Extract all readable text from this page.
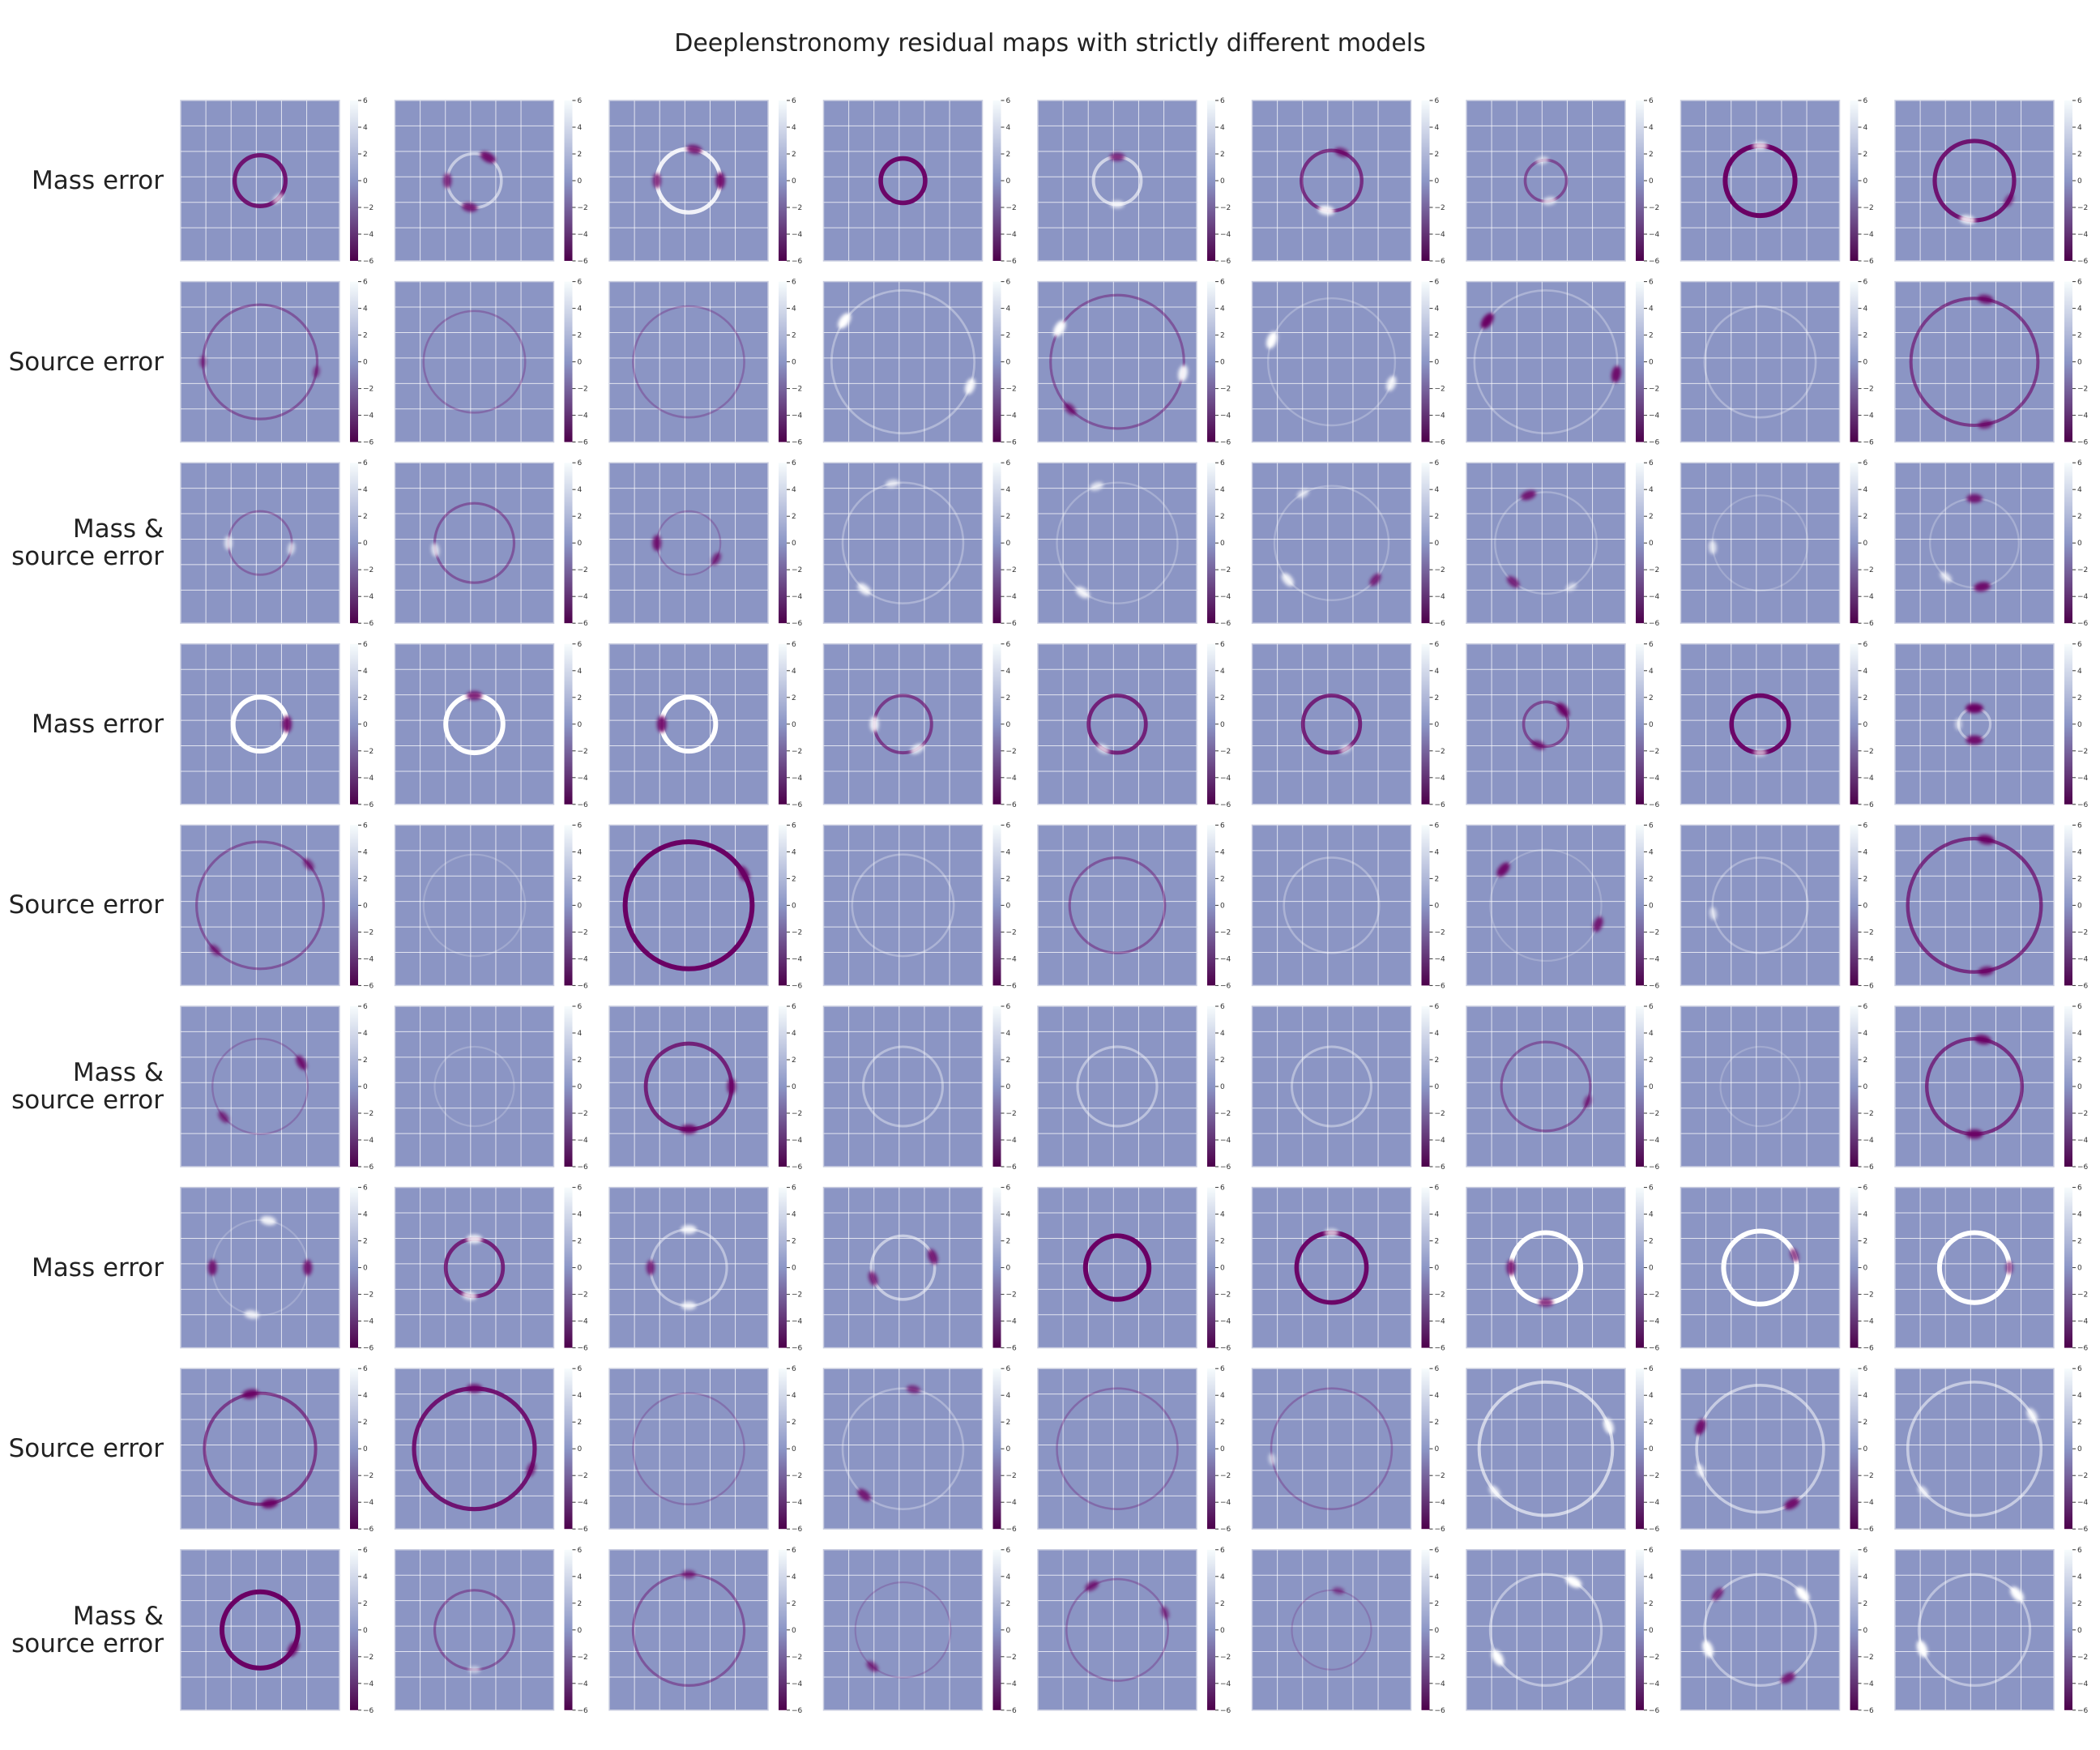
Deeplenstronomy residual maps with strictly different models
6
4
2
0
−2
−4
−6
6
4
2
0
−2
−4
−6
6
4
2
0
−2
−4
−6
6
4
2
0
−2
−4
−6
6
4
2
0
−2
−4
−6
6
4
2
0
−2
−4
−6
6
4
2
0
−2
−4
−6
6
4
2
0
−2
−4
−6
6
4
2
0
−2
−4
−6
6
4
2
0
−2
−4
−6
6
4
2
0
−2
−4
−6
6
4
2
0
−2
−4
−6
6
4
2
0
−2
−4
−6
6
4
2
0
−2
−4
−6
6
4
2
0
−2
−4
−6
6
4
2
0
−2
−4
−6
6
4
2
0
−2
−4
−6
6
4
2
0
−2
−4
−6
6
4
2
0
−2
−4
−6
6
4
2
0
−2
−4
−6
6
4
2
0
−2
−4
−6
6
4
2
0
−2
−4
−6
6
4
2
0
−2
−4
−6
6
4
2
0
−2
−4
−6
6
4
2
0
−2
−4
−6
6
4
2
0
−2
−4
−6
6
4
2
0
−2
−4
−6
6
4
2
0
−2
−4
−6
6
4
2
0
−2
−4
−6
6
4
2
0
−2
−4
−6
6
4
2
0
−2
−4
−6
6
4
2
0
−2
−4
−6
6
4
2
0
−2
−4
−6
6
4
2
0
−2
−4
−6
6
4
2
0
−2
−4
−6
6
4
2
0
−2
−4
−6
6
4
2
0
−2
−4
−6
6
4
2
0
−2
−4
−6
6
4
2
0
−2
−4
−6
6
4
2
0
−2
−4
−6
6
4
2
0
−2
−4
−6
6
4
2
0
−2
−4
−6
6
4
2
0
−2
−4
−6
6
4
2
0
−2
−4
−6
6
4
2
0
−2
−4
−6
6
4
2
0
−2
−4
−6
6
4
2
0
−2
−4
−6
6
4
2
0
−2
−4
−6
6
4
2
0
−2
−4
−6
6
4
2
0
−2
−4
−6
6
4
2
0
−2
−4
−6
6
4
2
0
−2
−4
−6
6
4
2
0
−2
−4
−6
6
4
2
0
−2
−4
−6
6
4
2
0
−2
−4
−6
6
4
2
0
−2
−4
−6
6
4
2
0
−2
−4
−6
6
4
2
0
−2
−4
−6
6
4
2
0
−2
−4
−6
6
4
2
0
−2
−4
−6
6
4
2
0
−2
−4
−6
6
4
2
0
−2
−4
−6
6
4
2
0
−2
−4
−6
6
4
2
0
−2
−4
−6
6
4
2
0
−2
−4
−6
6
4
2
0
−2
−4
−6
6
4
2
0
−2
−4
−6
6
4
2
0
−2
−4
−6
6
4
2
0
−2
−4
−6
6
4
2
0
−2
−4
−6
6
4
2
0
−2
−4
−6
6
4
2
0
−2
−4
−6
6
4
2
0
−2
−4
−6
6
4
2
0
−2
−4
−6
6
4
2
0
−2
−4
−6
6
4
2
0
−2
−4
−6
6
4
2
0
−2
−4
−6
6
4
2
0
−2
−4
−6
6
4
2
0
−2
−4
−6
6
4
2
0
−2
−4
−6
6
4
2
0
−2
−4
−6
Mass error
Source error
Mass &
source error
Mass error
Source error
Mass &
source error
Mass error
Source error
Mass &
source error
